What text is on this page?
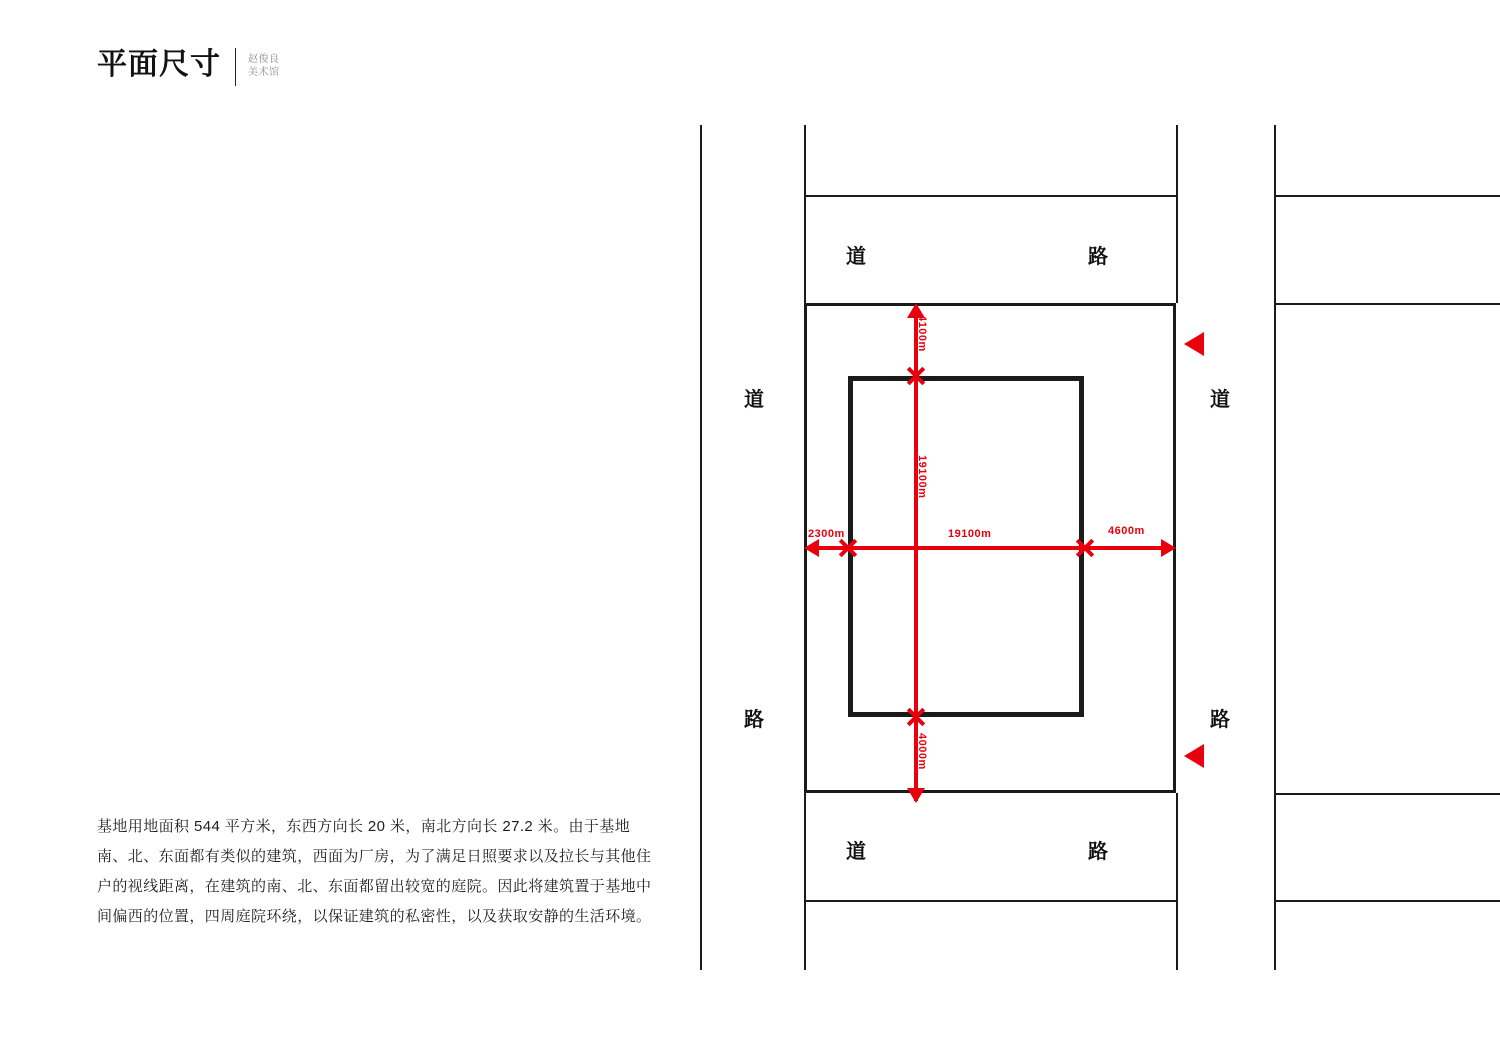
平面尺寸	赵俊良
美术馆

基地用地面积 544 平方米，东西方向长 20 米，南北方向长 27.2 米。由于基地南、北、东面都有类似的建筑，西面为厂房，为了满足日照要求以及拉长与其他住户的视线距离，在建筑的南、北、东面都留出较宽的庭院。因此将建筑置于基地中间偏西的位置，四周庭院环绕，以保证建筑的私密性，以及获取安静的生活环境。

4100m
4000m
19100m
19100m
2300m	4600m
道	路
道
路
道
路
道	路
